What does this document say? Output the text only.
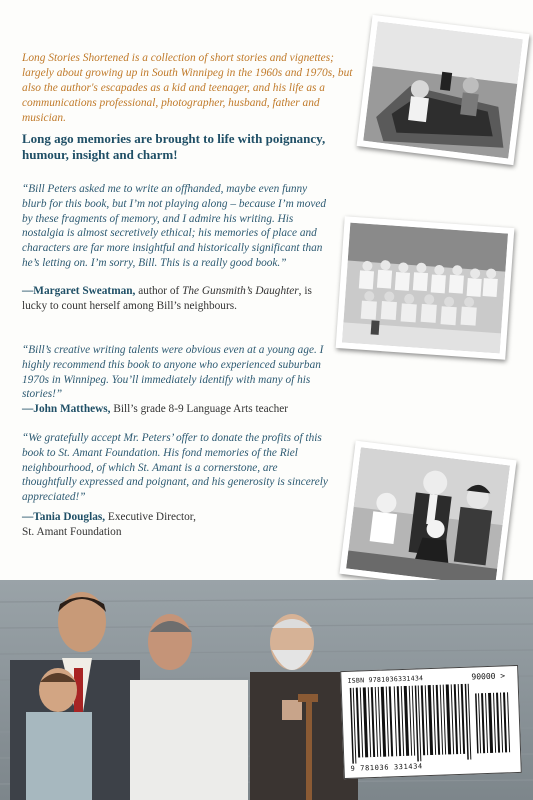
Long Stories Shortened is a collection of short stories and vignettes; largely about growing up in South Winnipeg in the 1960s and 1970s, but also the author's escapades as a kid and teenager, and his life as a communications professional, photographer, husband, father and musician.

Long ago memories are brought to life with poignancy, humour, insight and charm!
“Bill Peters asked me to write an offhanded, maybe even funny blurb for this book, but I’m not playing along – because I’m moved by these fragments of memory, and I admire his writing. His nostalgia is almost secretively ethical; his memories of place and characters are far more insightful and historically significant than he’s letting on. I’m sorry, Bill. This is a really good book.”
—Margaret Sweatman, author of The Gunsmith’s Daughter, is lucky to count herself among Bill’s neighbours.
“Bill’s creative writing talents were obvious even at a young age. I highly recommend this book to anyone who experienced suburban 1970s in Winnipeg. You’ll immediately identify with many of his stories!”
—John Matthews, Bill’s grade 8-9 Language Arts teacher
“We gratefully accept Mr. Peters’ offer to donate the profits of this book to St. Amant Foundation. His fond memories of the Riel neighbourhood, of which St. Amant is a cornerstone, are thoughtfully expressed and poignant, and his generosity is sincerely appreciated!”
—Tania Douglas, Executive Director,
St. Amant Foundation
ISBN 9781036331434	90000 >
9 781036 331434
